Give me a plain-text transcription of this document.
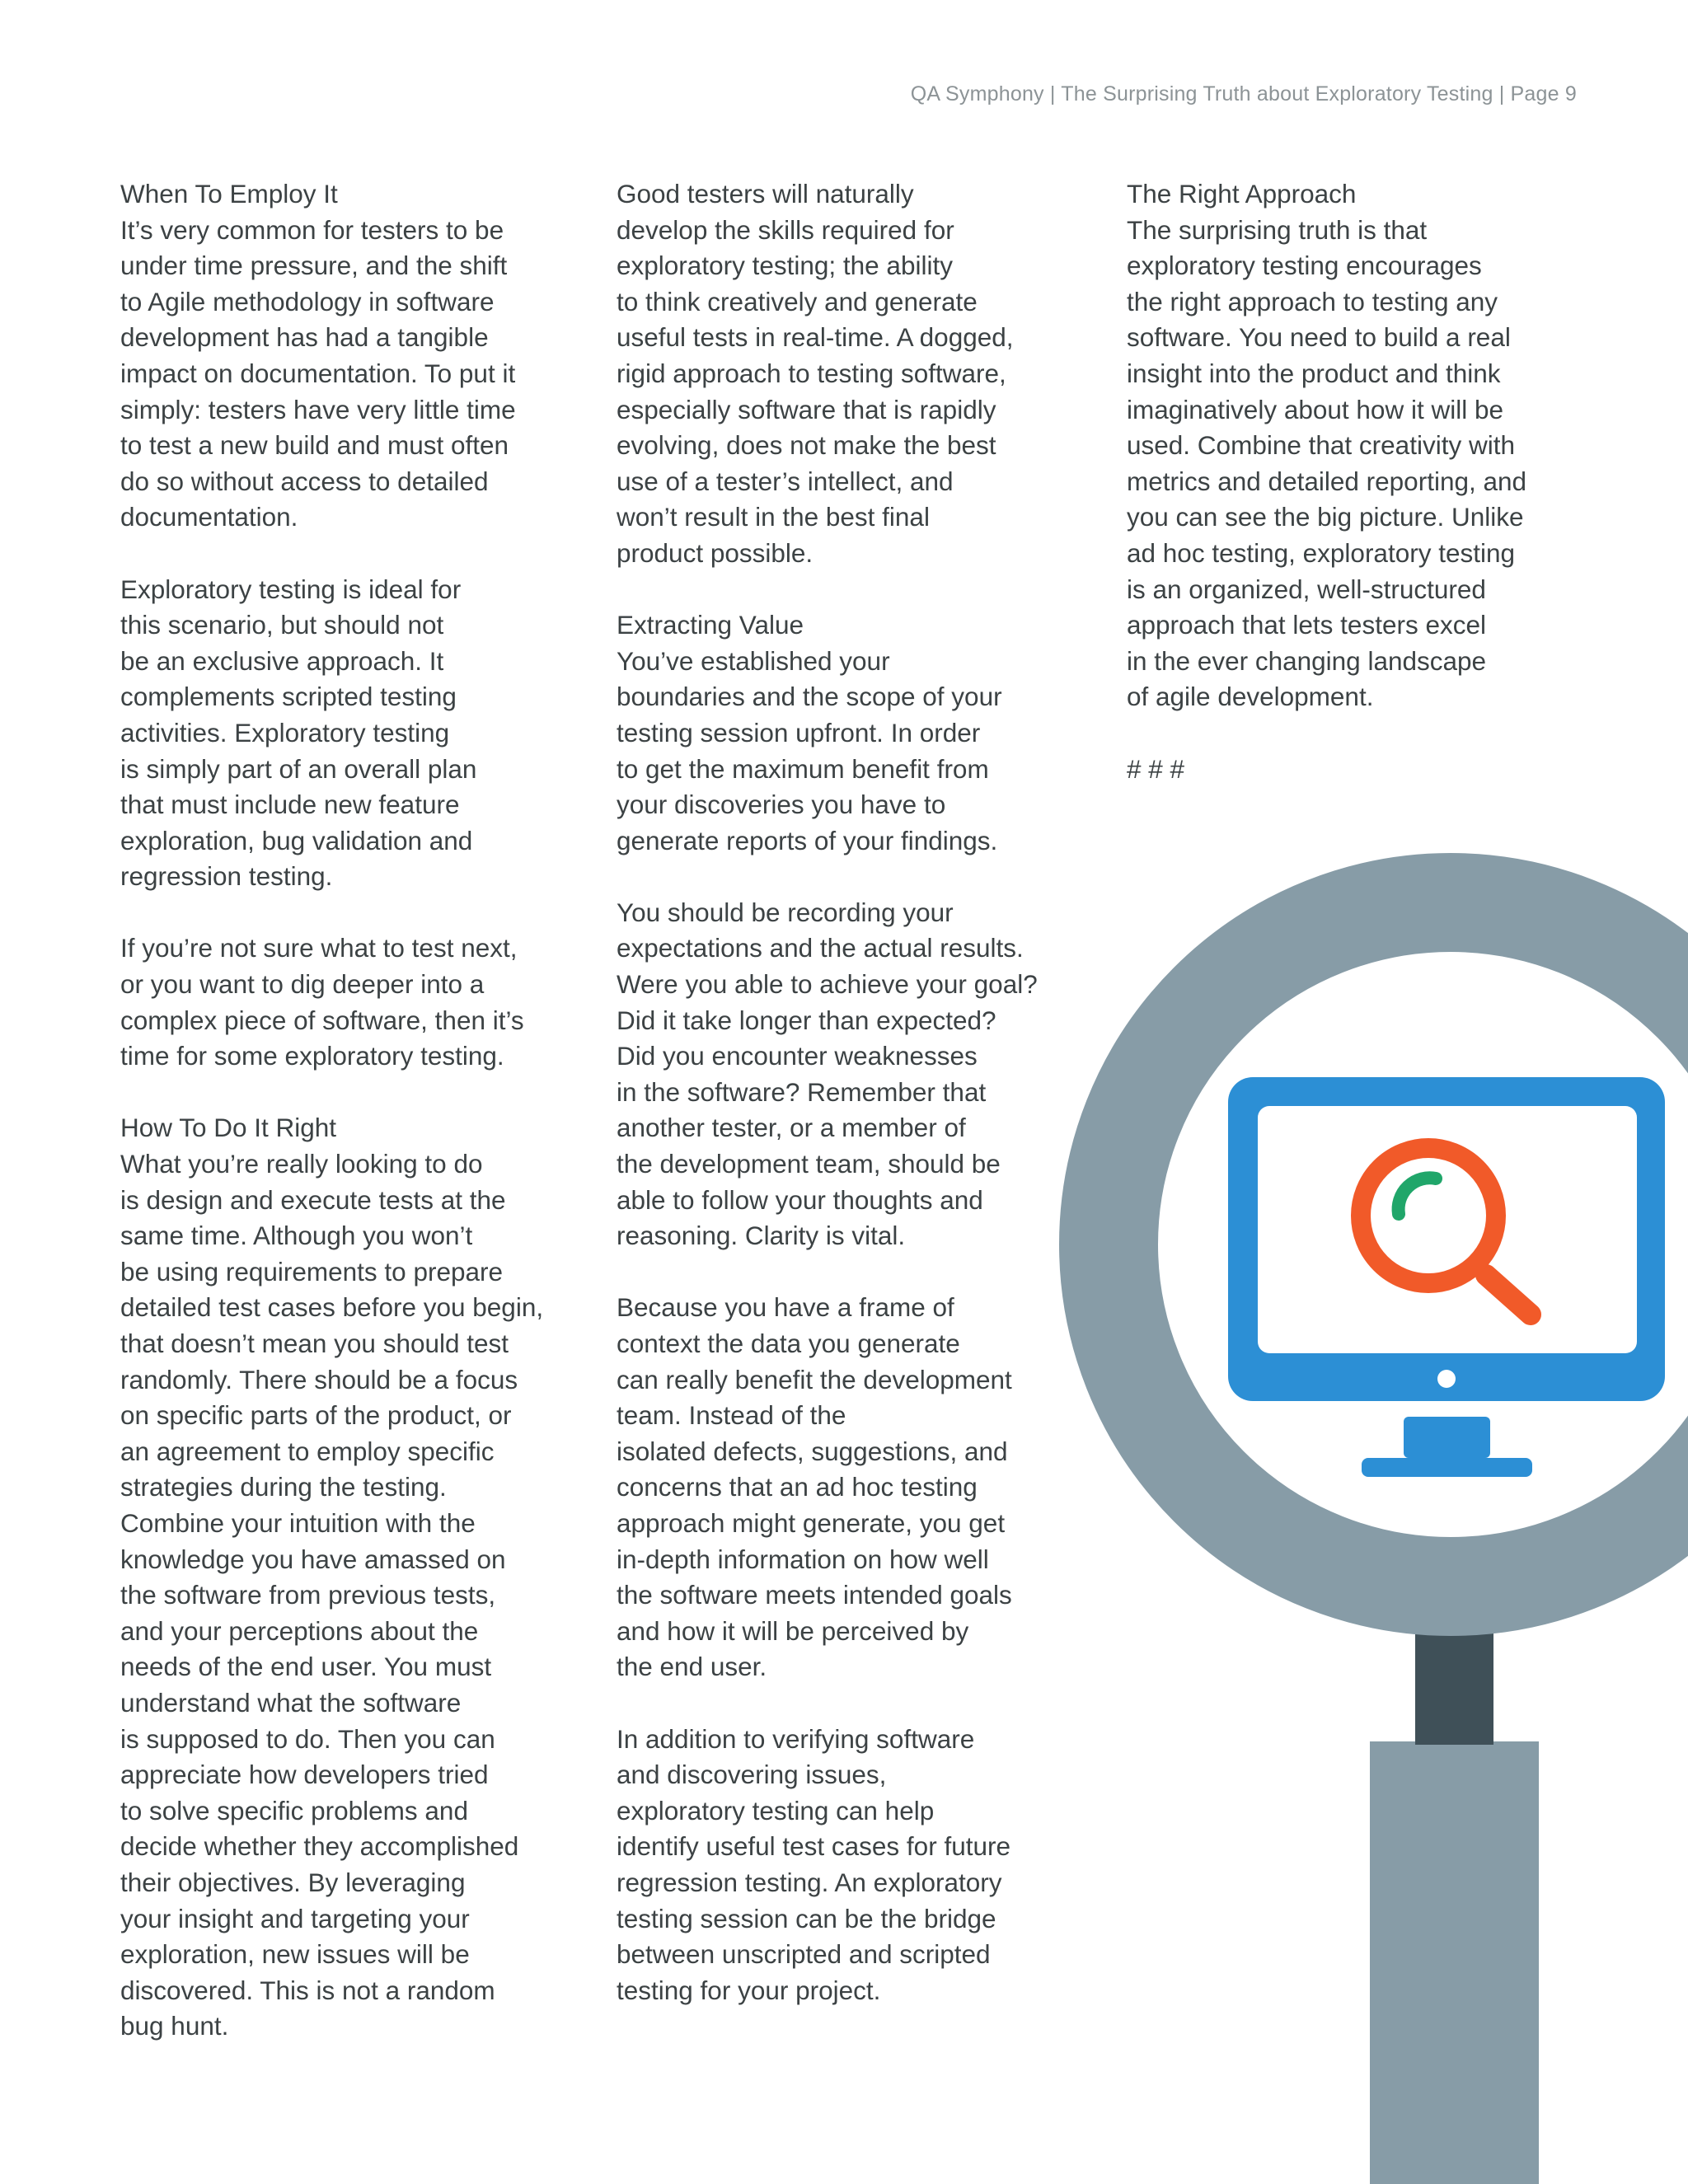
QA Symphony | The Surprising Truth about Exploratory Testing | Page 9
When To Employ It
It’s very common for testers to be
under time pressure, and the shift
to Agile methodology in software
development has had a tangible
impact on documentation. To put it
simply: testers have very little time
to test a new build and must often
do so without access to detailed
documentation.
Exploratory testing is ideal for
this scenario, but should not
be an exclusive approach. It
complements scripted testing
activities. Exploratory testing
is simply part of an overall plan
that must include new feature
exploration, bug validation and
regression testing.
If you’re not sure what to test next,
or you want to dig deeper into a
complex piece of software, then it’s
time for some exploratory testing.
How To Do It Right
What you’re really looking to do
is design and execute tests at the
same time. Although you won’t
be using requirements to prepare
detailed test cases before you begin,
that doesn’t mean you should test
randomly. There should be a focus
on specific parts of the product, or
an agreement to employ specific
strategies during the testing.
Combine your intuition with the
knowledge you have amassed on
the software from previous tests,
and your perceptions about the
needs of the end user. You must
understand what the software
is supposed to do. Then you can
appreciate how developers tried
to solve specific problems and
decide whether they accomplished
their objectives. By leveraging
your insight and targeting your
exploration, new issues will be
discovered. This is not a random
bug hunt.
Good testers will naturally
develop the skills required for
exploratory testing; the ability
to think creatively and generate
useful tests in real-time. A dogged,
rigid approach to testing software,
especially software that is rapidly
evolving, does not make the best
use of a tester’s intellect, and
won’t result in the best final
product possible.
Extracting Value
You’ve established your
boundaries and the scope of your
testing session upfront. In order
to get the maximum benefit from
your discoveries you have to
generate reports of your findings.
You should be recording your
expectations and the actual results.
Were you able to achieve your goal?
Did it take longer than expected?
Did you encounter weaknesses
in the software? Remember that
another tester, or a member of
the development team, should be
able to follow your thoughts and
reasoning. Clarity is vital.
Because you have a frame of
context the data you generate
can really benefit the development
team. Instead of the
isolated defects, suggestions, and
concerns that an ad hoc testing
approach might generate, you get
in-depth information on how well
the software meets intended goals
and how it will be perceived by
the end user.
In addition to verifying software
and discovering issues,
exploratory testing can help
identify useful test cases for future
regression testing. An exploratory
testing session can be the bridge
between unscripted and scripted
testing for your project.
The Right Approach
The surprising truth is that
exploratory testing encourages
the right approach to testing any
software. You need to build a real
insight into the product and think
imaginatively about how it will be
used. Combine that creativity with
metrics and detailed reporting, and
you can see the big picture. Unlike
ad hoc testing, exploratory testing
is an organized, well-structured
approach that lets testers excel
in the ever changing landscape
of agile development.
# # #
